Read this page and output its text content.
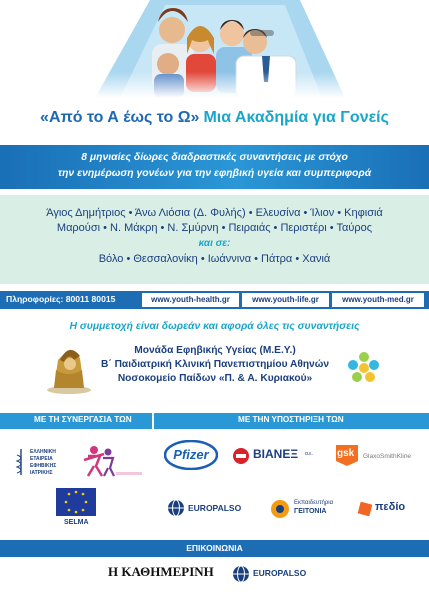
«Από το Α έως το Ω» Μια Ακαδημία για Γονείς
8 μηνιαίες δίωρες διαδραστικές συναντήσεις με στόχο
την ενημέρωση γονέων για την εφηβική υγεία και συμπεριφορά
Άγιος Δημήτριος • Άνω Λιόσια (Δ. Φυλής) • Ελευσίνα • Ίλιον • Κηφισιά
Μαρούσι • Ν. Μάκρη • Ν. Σμύρνη • Πειραιάς • Περιστέρι • Ταύρος
και σε:
Βόλο • Θεσσαλονίκη • Ιωάννινα • Πάτρα • Χανιά
Πληροφορίες: 80011 80015	www.youth-health.gr	www.youth-life.gr	www.youth-med.gr
Η συμμετοχή είναι δωρεάν και αφορά όλες τις συναντήσεις
Μονάδα Εφηβικής Υγείας (Μ.Ε.Υ.)
Β΄ Παιδιατρική Κλινική Πανεπιστημίου Αθηνών
Νοσοκομείο Παίδων «Π. & Α. Κυριακού»
ΜΕ ΤΗ ΣΥΝΕΡΓΑΣΙΑ ΤΩΝ	ΜΕ ΤΗΝ ΥΠΟΣΤΗΡΙΞΗ ΤΩΝ
ΕΛΛΗΝΙΚΗ
ΕΤΑΙΡΕΙΑ
ΕΦΗΒΙΚΗΣ
ΙΑΤΡΙΚΗΣ
SELMA
Pfizer	ΒΙΑΝΕΞ α.ε. gsk GlaxoSmithKline
EUROPALSO	Εκπαιδευτήρια
ΓΕΙΤΟΝΙΑ	πεδίο
ΕΠΙΚΟΙΝΩΝΙΑ
Η ΚΑΘΗΜΕΡΙΝΗ	EUROPALSO
